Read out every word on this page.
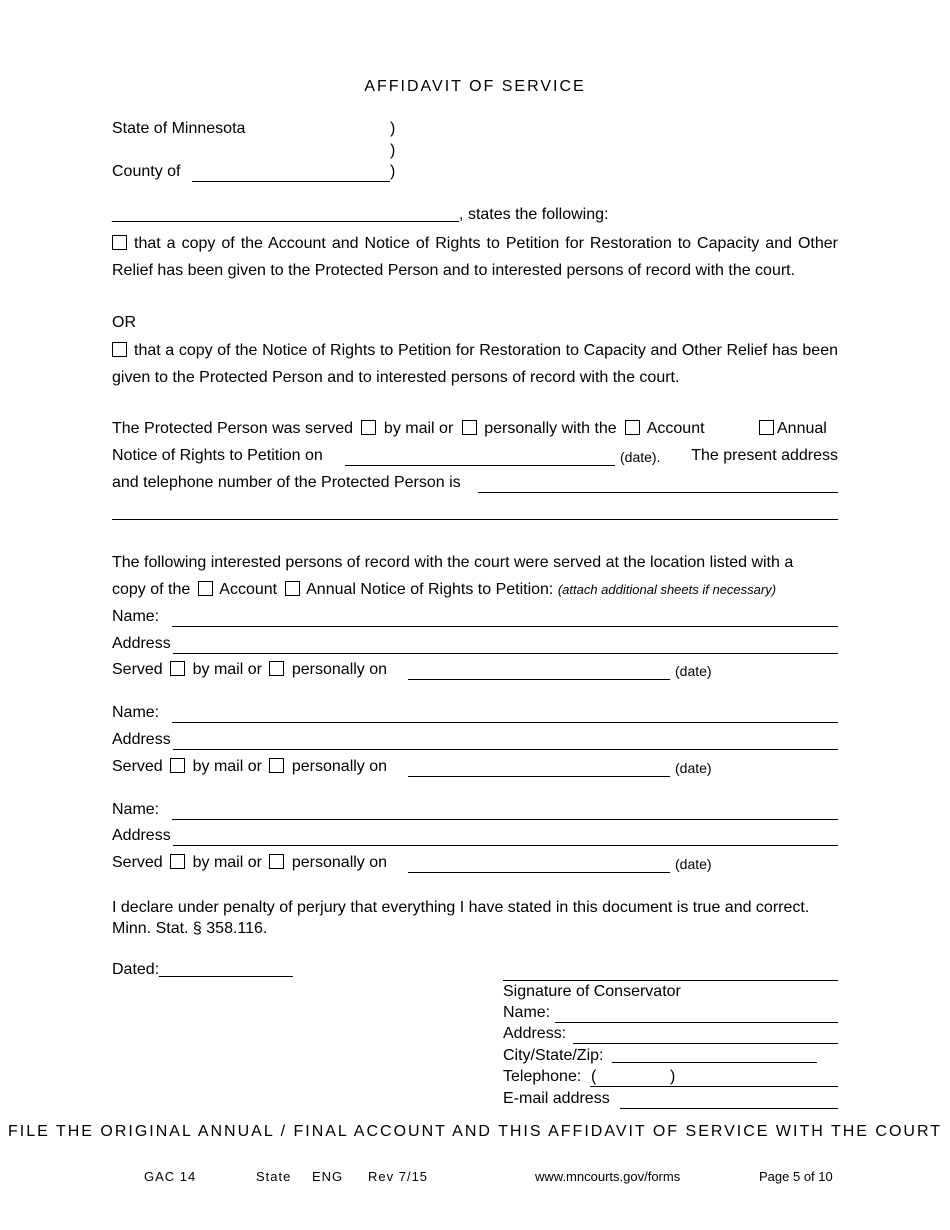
AFFIDAVIT OF SERVICE
State of Minnesota	)
)
County of	)
_______________________________________, states the following:
that a copy of the Account and Notice of Rights to Petition for Restoration to Capacity and Other Relief has been given to the Protected Person and to interested persons of record with the court.
OR
that a copy of the Notice of Rights to Petition for Restoration to Capacity and Other Relief has been given to the Protected Person and to interested persons of record with the court.
The Protected Person was served by mail or personally with the Account	Annual
Notice of Rights to Petition on	(date).	The present address
and telephone number of the Protected Person is
The following interested persons of record with the court were served at the location listed with a
copy of the Account Annual Notice of Rights to Petition: (attach additional sheets if necessary)
Name:
Address
Served by mail or personally on	(date)
Name:
Address
Served by mail or personally on	(date)
Name:
Address
Served by mail or personally on	(date)
I declare under penalty of perjury that everything I have stated in this document is true and correct. Minn. Stat. § 358.116.
Dated:_______________
Signature of Conservator
Name:
Address:
City/State/Zip: _______________________
Telephone: (	)
E-mail address
FILE THE ORIGINAL ANNUAL / FINAL ACCOUNT AND THIS AFFIDAVIT OF SERVICE WITH THE COURT
GAC 14	State ENG Rev 7/15	www.mncourts.gov/forms	Page 5 of 10
